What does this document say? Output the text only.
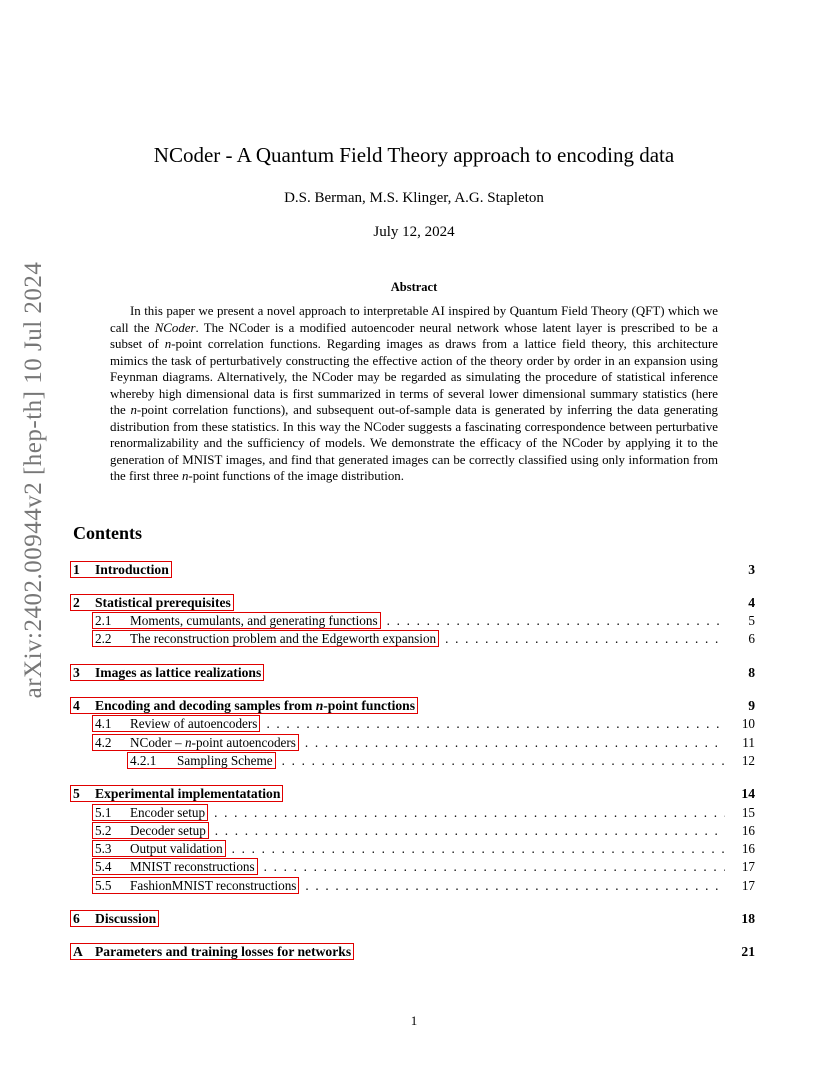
arXiv:2402.00944v2 [hep-th] 10 Jul 2024
NCoder - A Quantum Field Theory approach to encoding data
D.S. Berman, M.S. Klinger, A.G. Stapleton
July 12, 2024
Abstract
In this paper we present a novel approach to interpretable AI inspired by Quantum Field Theory (QFT) which we call the NCoder. The NCoder is a modified autoencoder neural network whose latent layer is prescribed to be a subset of n-point correlation functions. Regarding images as draws from a lattice field theory, this architecture mimics the task of perturbatively constructing the effective action of the theory order by order in an expansion using Feynman diagrams. Alternatively, the NCoder may be regarded as simulating the procedure of statistical inference whereby high dimensional data is first summarized in terms of several lower dimensional summary statistics (here the n-point correlation functions), and subsequent out-of-sample data is generated by inferring the data generating distribution from these statistics. In this way the NCoder suggests a fascinating correspondence between perturbative renormalizability and the sufficiency of models. We demonstrate the efficacy of the NCoder by applying it to the generation of MNIST images, and find that generated images can be correctly classified using only information from the first three n-point functions of the image distribution.
Contents
1 Introduction	3
2 Statistical prerequisites	4
2.1 Moments, cumulants, and generating functions . . .	5
2.2 The reconstruction problem and the Edgeworth expansion . . .	6
3 Images as lattice realizations	8
4 Encoding and decoding samples from n-point functions	9
4.1 Review of autoencoders . . .	10
4.2 NCoder – n-point autoencoders . . .	11
4.2.1 Sampling Scheme . . .	12
5 Experimental implementatation	14
5.1 Encoder setup . . .	15
5.2 Decoder setup . . .	16
5.3 Output validation . . .	16
5.4 MNIST reconstructions . . .	17
5.5 FashionMNIST reconstructions . . .	17
6 Discussion	18
A Parameters and training losses for networks	21
1
